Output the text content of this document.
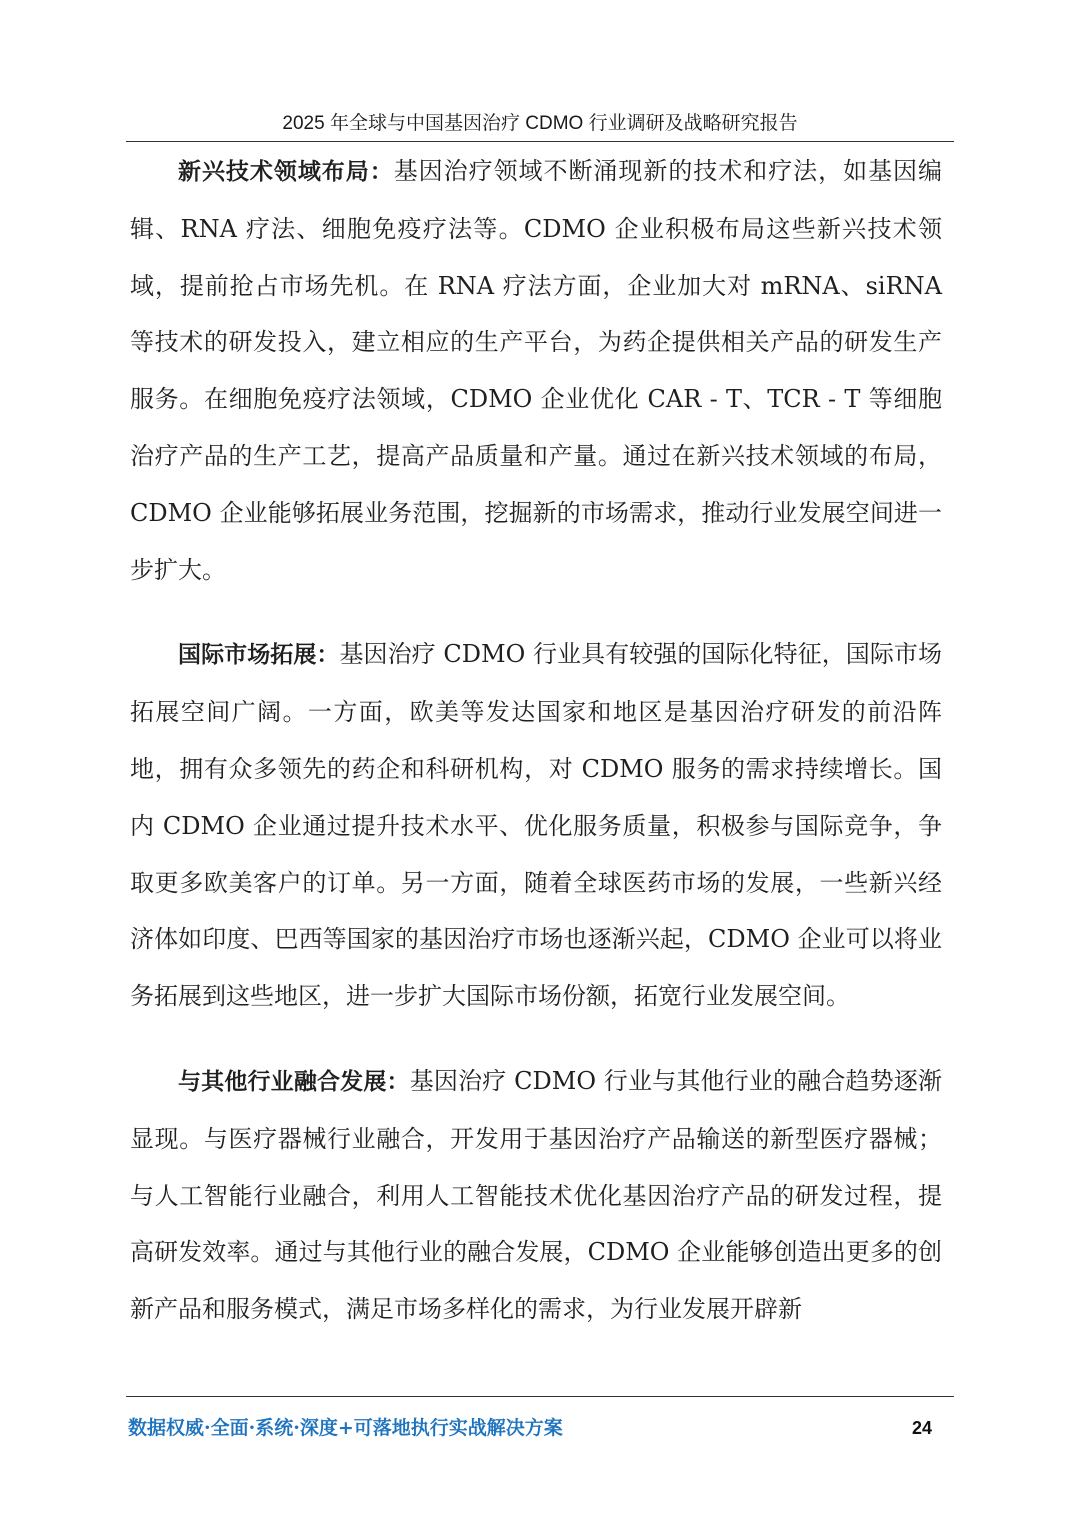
2025 年全球与中国基因治疗 CDMO 行业调研及战略研究报告

新兴技术领域布局：基因治疗领域不断涌现新的技术和疗法，如基因编辑、RNA 疗法、细胞免疫疗法等。CDMO 企业积极布局这些新兴技术领域，提前抢占市场先机。在 RNA 疗法方面，企业加大对 mRNA、siRNA 等技术的研发投入，建立相应的生产平台，为药企提供相关产品的研发生产服务。在细胞免疫疗法领域，CDMO 企业优化 CAR - T、TCR - T 等细胞治疗产品的生产工艺，提高产品质量和产量。通过在新兴技术领域的布局，CDMO 企业能够拓展业务范围，挖掘新的市场需求，推动行业发展空间进一步扩大。

国际市场拓展：基因治疗 CDMO 行业具有较强的国际化特征，国际市场拓展空间广阔。一方面，欧美等发达国家和地区是基因治疗研发的前沿阵地，拥有众多领先的药企和科研机构，对 CDMO 服务的需求持续增长。国内 CDMO 企业通过提升技术水平、优化服务质量，积极参与国际竞争，争取更多欧美客户的订单。另一方面，随着全球医药市场的发展，一些新兴经济体如印度、巴西等国家的基因治疗市场也逐渐兴起，CDMO 企业可以将业务拓展到这些地区，进一步扩大国际市场份额，拓宽行业发展空间。

与其他行业融合发展：基因治疗 CDMO 行业与其他行业的融合趋势逐渐显现。与医疗器械行业融合，开发用于基因治疗产品输送的新型医疗器械；与人工智能行业融合，利用人工智能技术优化基因治疗产品的研发过程，提高研发效率。通过与其他行业的融合发展，CDMO 企业能够创造出更多的创新产品和服务模式，满足市场多样化的需求，为行业发展开辟新

数据权威·全面·系统·深度+可落地执行实战解决方案	24
